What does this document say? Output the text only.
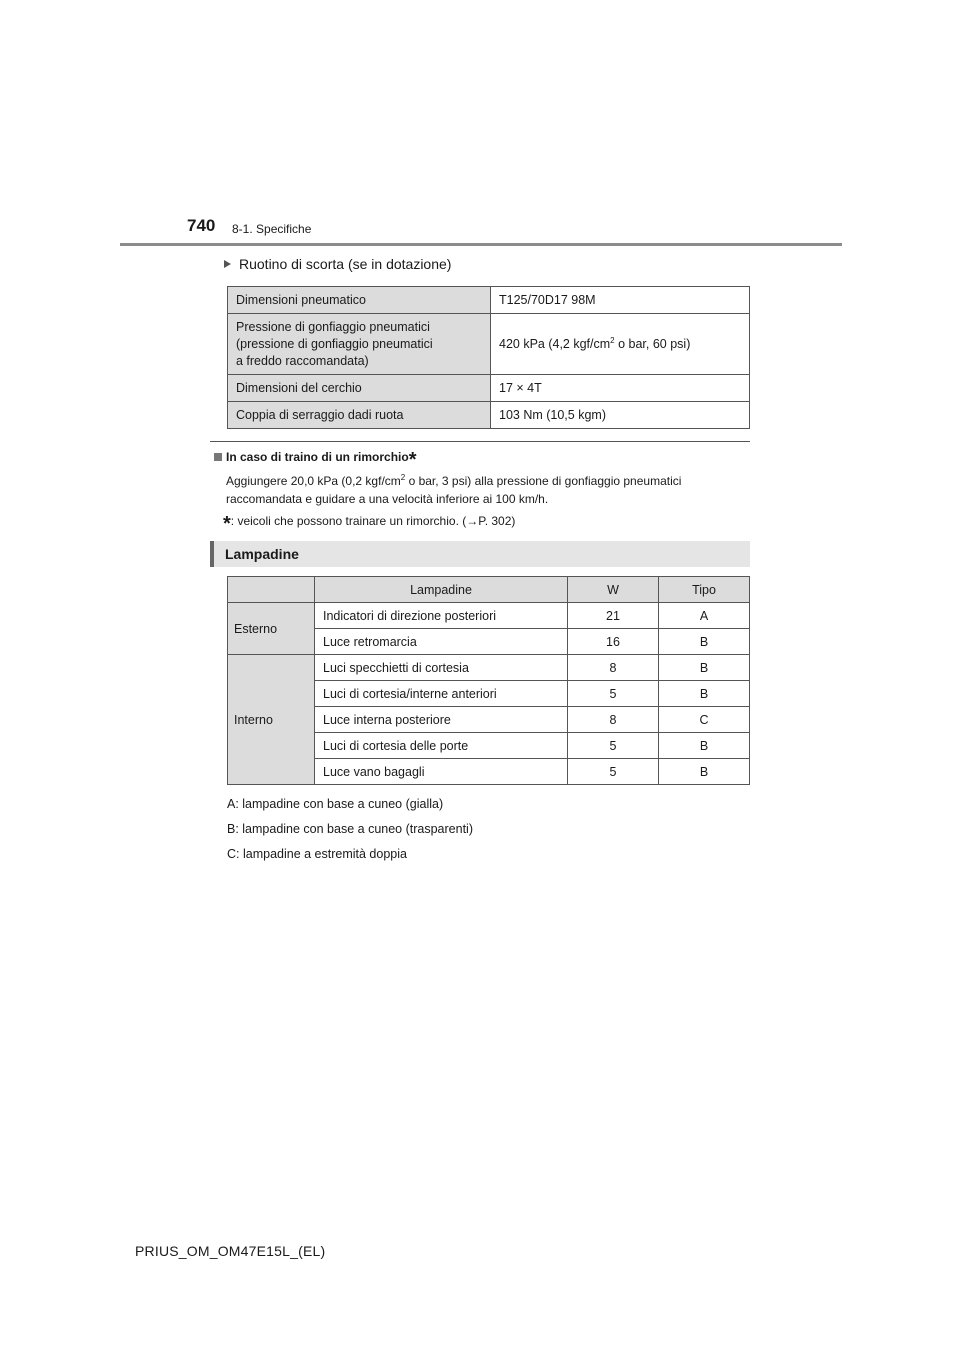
740 8-1. Specifiche
Ruotino di scorta (se in dotazione)
Dimensioni pneumatico	T125/70D17 98M

Pressione di gonfiaggio pneumatici
(pressione di gonfiaggio pneumatici
a freddo raccomandata)	420 kPa (4,2 kgf/$cm^2$ o bar, 60 psi)
Dimensioni del cerchio	17 × 4T
Coppia di serraggio dadi ruota	103 Nm (10,5 kgm)
In caso di traino di un rimorchio *
Aggiungere 20,0 kPa (0,2 kgf/$cm^2$ o bar, 3 psi) alla pressione di gonfiaggio pneumatici raccomandata e guidare a una velocità inferiore ai 100 km/h.
*: veicoli che possono trainare un rimorchio. (→P. 302)
Lampadine
	Lampadine	W	Tipo
Esterno	Indicatori di direzione posteriori	21	A
	Luce retromarcia	16	B
Interno	Luci specchietti di cortesia	8	B
	Luci di cortesia/interne anteriori	5	B
	Luce interna posteriore	8	C
	Luci di cortesia delle porte	5	B
	Luce vano bagagli	5	B
A: lampadine con base a cuneo (gialla)
B: lampadine con base a cuneo (trasparenti)
C: lampadine a estremità doppia
PRIUS_OM_OM47E15L_(EL)
